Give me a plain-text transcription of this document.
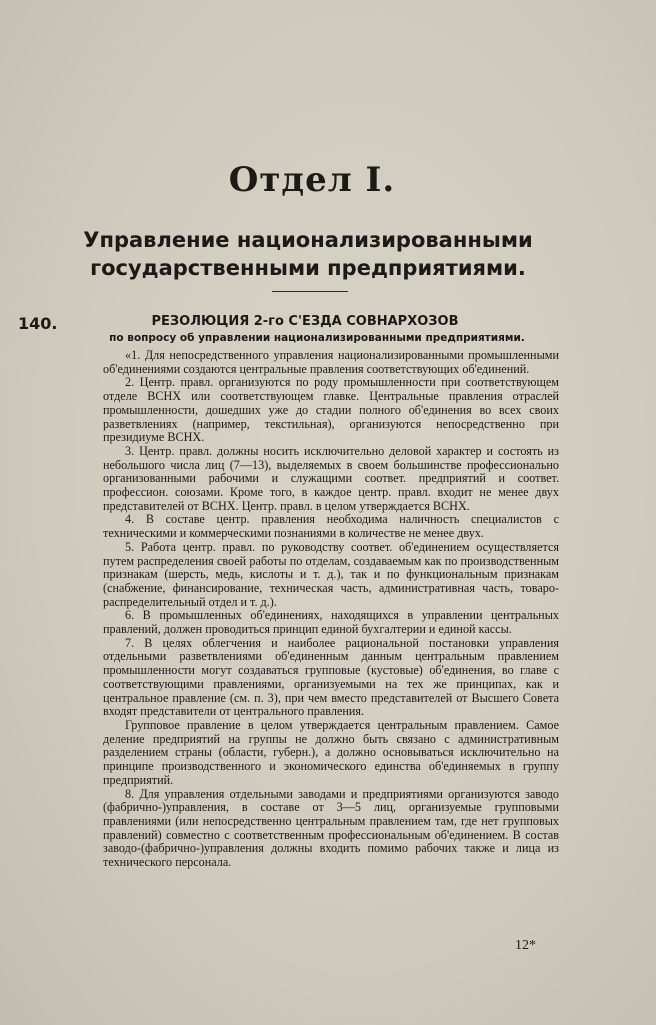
Отдел I.
Управление национализированными государственными предприятиями.
140.	РЕЗОЛЮЦИЯ 2-го С'ЕЗДА СОВНАРХОЗОВ
по вопросу об управлении национализированными предприятиями.

«1. Для непосредственного управления национализированными промышленными об'единениями создаются центральные правления соответствующих об'единений.

2. Центр. правл. организуются по роду промышленности при соответствующем отделе ВСНХ или соответствующем главке. Центральные правления отраслей промышленности, дошедших уже до стадии полного об'единения во всех своих разветвлениях (например, текстильная), организуются непосредственно при президиуме ВСНХ.

3. Центр. правл. должны носить исключительно деловой характер и состоять из небольшого числа лиц (7—13), выделяемых в своем большинстве профессионально организованными рабочими и служащими соответ. предприятий и соответ. профессион. союзами. Кроме того, в каждое центр. правл. входит не менее двух представителей от ВСНХ. Центр. правл. в целом утверждается ВСНХ.

4. В составе центр. правления необходима наличность специалистов с техническими и коммерческими познаниями в количестве не менее двух.

5. Работа центр. правл. по руководству соответ. об'единением осуществляется путем распределения своей работы по отделам, создаваемым как по производственным признакам (шерсть, медь, кислоты и т. д.), так и по функциональным признакам (снабжение, финансирование, техническая часть, административная часть, товаро-распределительный отдел и т. д.).

6. В промышленных об'единениях, находящихся в управлении центральных правлений, должен проводиться принцип единой бухгалтерии и единой кассы.

7. В целях облегчения и наиболее рациональной постановки управления отдельными разветвлениями об'единенным данным центральным правлением промышленности могут создаваться групповые (кустовые) об'единения, во главе с соответствующими правлениями, организуемыми на тех же принципах, как и центральное правление (см. п. 3), при чем вместо представителей от Высшего Совета входят представители от центрального правления.

Групповое правление в целом утверждается центральным правлением. Самое деление предприятий на группы не должно быть связано с административным разделением страны (области, губерн.), а должно основываться исключительно на принципе производственного и экономического единства об'единяемых в группу предприятий.

8. Для управления отдельными заводами и предприятиями организуются заводо (фабрично-)управления, в составе от 3—5 лиц, организуемые групповыми правлениями (или непосредственно центральным правлением там, где нет групповых правлений) совместно с соответственным профессиональным об'единением. В состав заводо-(фабрично-)управления должны входить помимо рабочих также и лица из технического персонала.

12*
